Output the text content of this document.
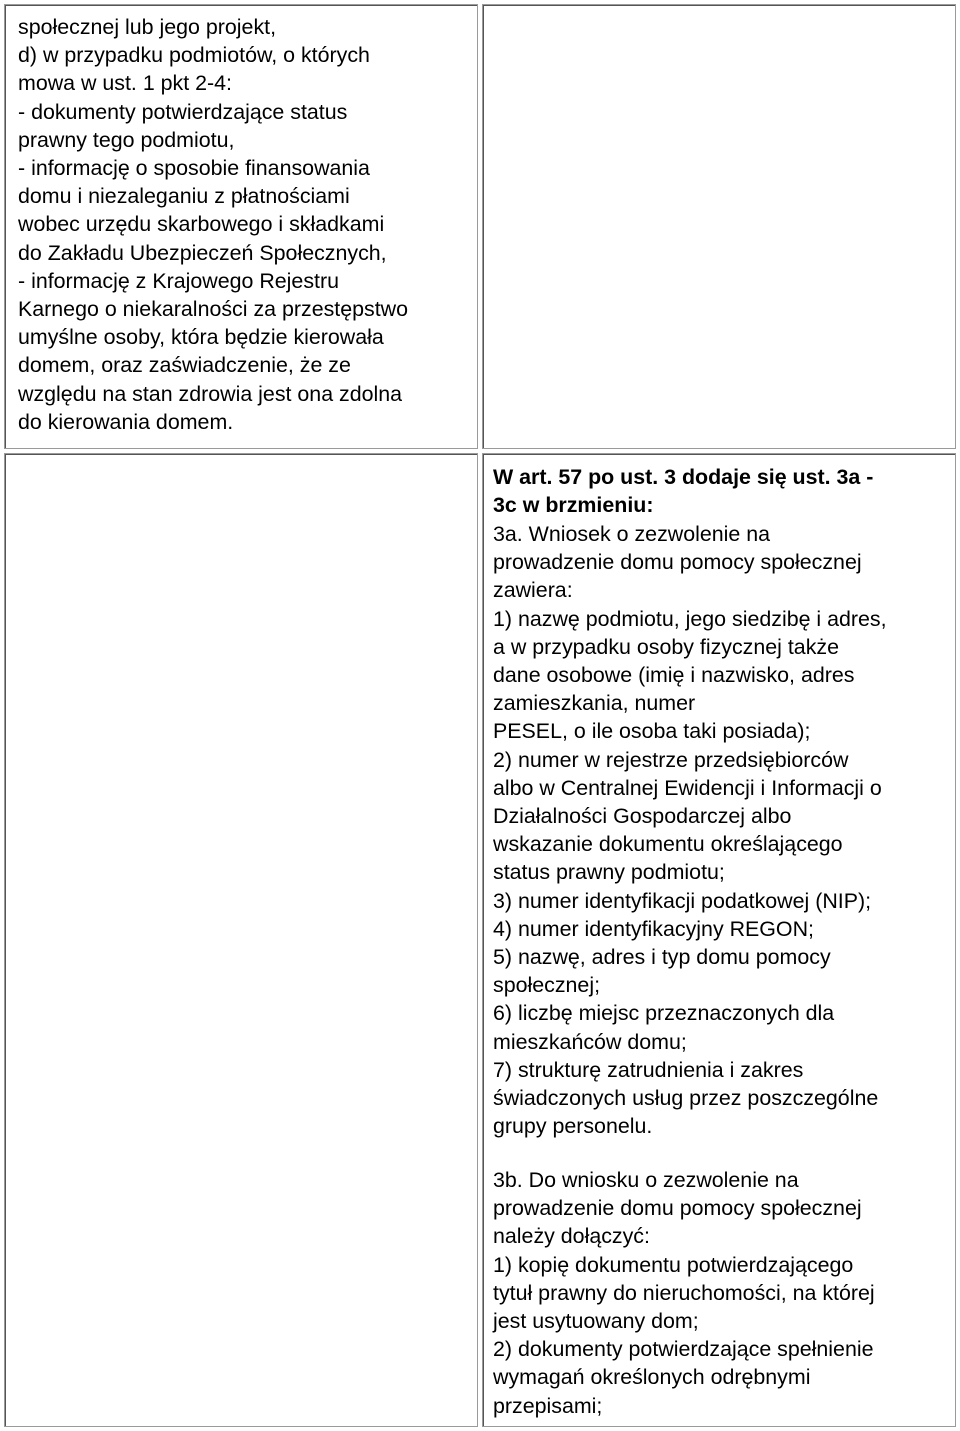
społecznej lub jego projekt,
d) w przypadku podmiotów, o których
mowa w ust. 1 pkt 2-4:
- dokumenty potwierdzające status
prawny tego podmiotu,
- informację o sposobie finansowania
domu i niezaleganiu z płatnościami
wobec urzędu skarbowego i składkami
do Zakładu Ubezpieczeń Społecznych,
- informację z Krajowego Rejestru
Karnego o niekaralności za przestępstwo
umyślne osoby, która będzie kierowała
domem, oraz zaświadczenie, że ze
względu na stan zdrowia jest ona zdolna
do kierowania domem.
W art. 57 po ust. 3 dodaje się ust. 3a -
3c w brzmieniu:
3a. Wniosek o zezwolenie na
prowadzenie domu pomocy społecznej
zawiera:
1) nazwę podmiotu, jego siedzibę i adres,
a w przypadku osoby fizycznej także
dane osobowe (imię i nazwisko, adres
zamieszkania, numer
PESEL, o ile osoba taki posiada);
2) numer w rejestrze przedsiębiorców
albo w Centralnej Ewidencji i Informacji o
Działalności Gospodarczej albo
wskazanie dokumentu określającego
status prawny podmiotu;
3) numer identyfikacji podatkowej (NIP);
4) numer identyfikacyjny REGON;
5) nazwę, adres i typ domu pomocy
społecznej;
6) liczbę miejsc przeznaczonych dla
mieszkańców domu;
7) strukturę zatrudnienia i zakres
świadczonych usług przez poszczególne
grupy personelu.
3b. Do wniosku o zezwolenie na
prowadzenie domu pomocy społecznej
należy dołączyć:
1) kopię dokumentu potwierdzającego
tytuł prawny do nieruchomości, na której
jest usytuowany dom;
2) dokumenty potwierdzające spełnienie
wymagań określonych odrębnymi
przepisami;
